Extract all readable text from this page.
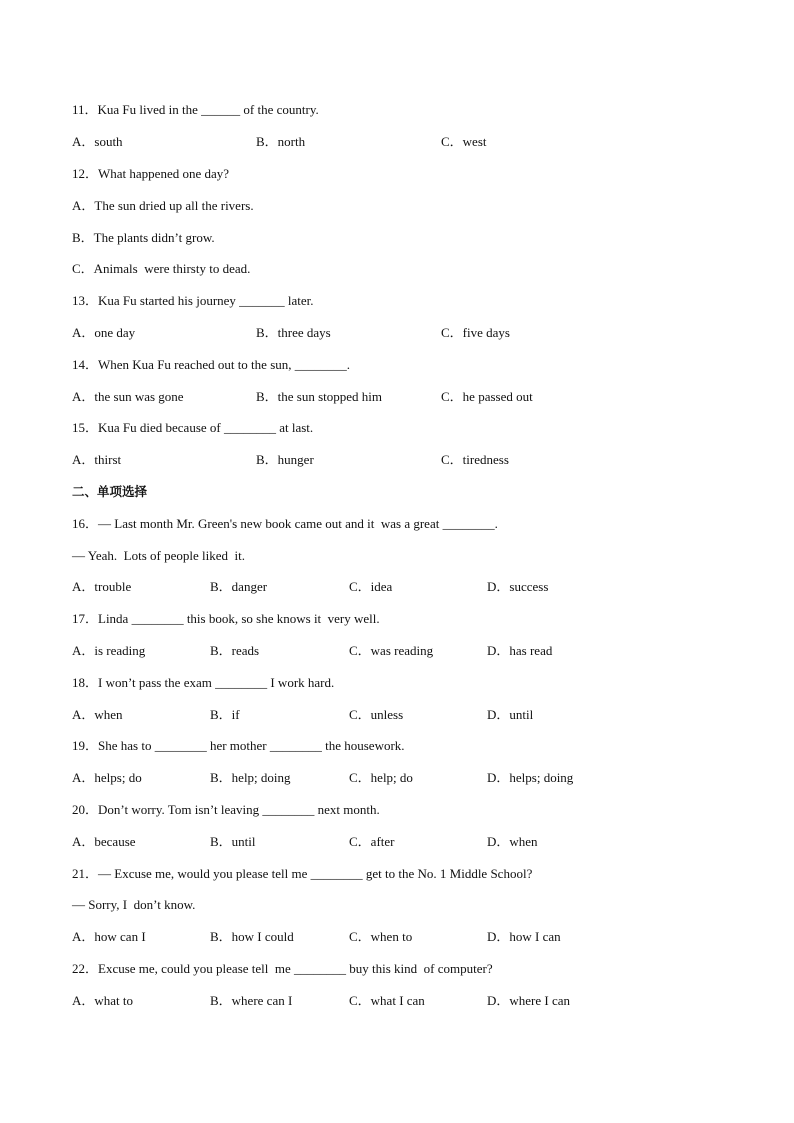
11．Kua Fu lived in the ______ of the country.
A．south	B．north	C．west
12．What happened one day?
A．The sun dried up all the rivers.
B．The plants didn’t grow.
C．Animals  were thirsty to dead.
13．Kua Fu started his journey _______ later.
A．one day	B．three days	C．five days
14．When Kua Fu reached out to the sun, ________.
A．the sun was gone	B．the sun stopped him	C．he passed out
15．Kua Fu died because of ________ at last.
A．thirst	B．hunger	C．tiredness
二、单项选择
16．— Last month Mr. Green's new book came out and it  was a great ________.
— Yeah.  Lots of people liked  it.
A．trouble	B．danger	C．idea	D．success
17．Linda ________ this book, so she knows it  very well.
A．is reading	B．reads	C．was reading	D．has read
18．I won’t pass the exam ________ I work hard.
A．when	B．if	C．unless	D．until
19．She has to ________ her mother ________ the housework.
A．helps; do	B．help; doing	C．help; do	D．helps; doing
20．Don’t worry. Tom isn’t leaving ________ next month.
A．because	B．until	C．after	D．when
21．— Excuse me, would you please tell me ________ get to the No. 1 Middle School?
— Sorry, I  don’t know.
A．how can I	B．how I could	C．when to	D．how I can
22．Excuse me, could you please tell  me ________ buy this kind  of computer?
A．what to	B．where can I	C．what I can	D．where I can
